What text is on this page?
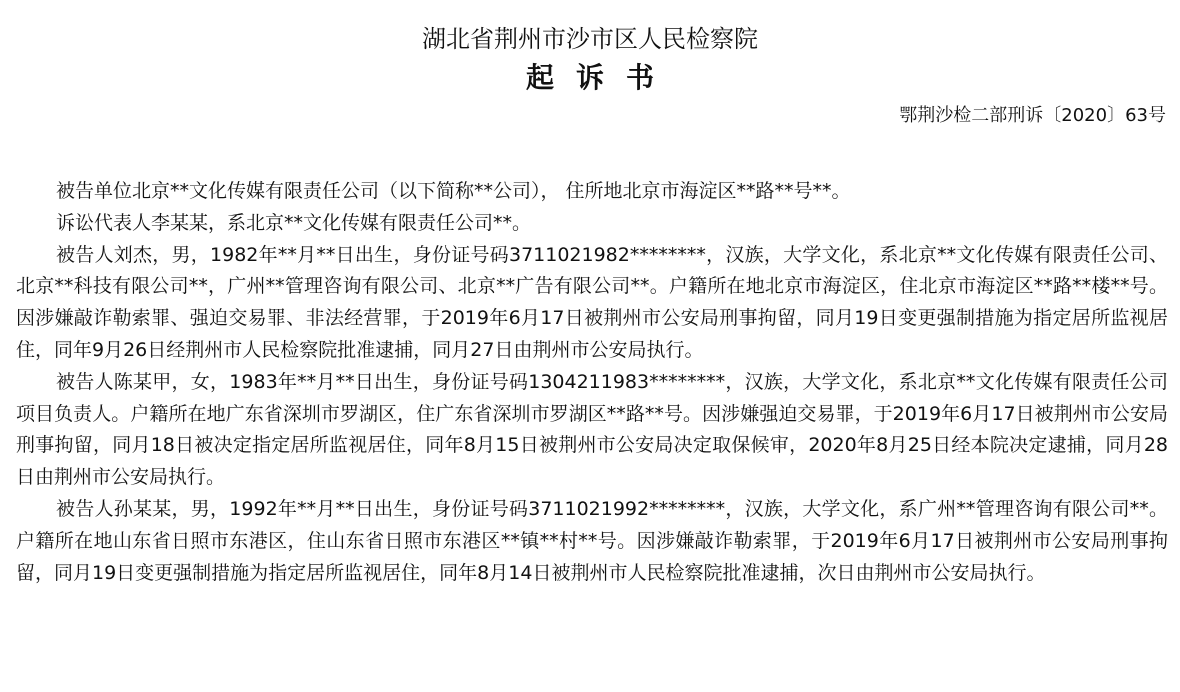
湖北省荆州市沙市区人民检察院
起诉书
鄂荆沙检二部刑诉〔2020〕63号

被告单位北京**文化传媒有限责任公司（以下简称**公司）， 住所地北京市海淀区**路**号**。

诉讼代表人李某某，系北京**文化传媒有限责任公司**。

被告人刘杰，男，1982年**月**日出生，身份证号码3711021982********，汉族，大学文化，系北京**文化传媒有限责任公司、北京**科技有限公司**，广州**管理咨询有限公司、北京**广告有限公司**。户籍所在地北京市海淀区，住北京市海淀区**路**楼**号。因涉嫌敲诈勒索罪、强迫交易罪、非法经营罪，于2019年6月17日被荆州市公安局刑事拘留，同月19日变更强制措施为指定居所监视居住，同年9月26日经荆州市人民检察院批准逮捕，同月27日由荆州市公安局执行。

被告人陈某甲，女，1983年**月**日出生，身份证号码1304211983********，汉族，大学文化，系北京**文化传媒有限责任公司项目负责人。户籍所在地广东省深圳市罗湖区，住广东省深圳市罗湖区**路**号。因涉嫌强迫交易罪，于2019年6月17日被荆州市公安局刑事拘留，同月18日被决定指定居所监视居住，同年8月15日被荆州市公安局决定取保候审，2020年8月25日经本院决定逮捕，同月28日由荆州市公安局执行。

被告人孙某某，男，1992年**月**日出生，身份证号码3711021992********，汉族，大学文化，系广州**管理咨询有限公司**。户籍所在地山东省日照市东港区，住山东省日照市东港区**镇**村**号。因涉嫌敲诈勒索罪，于2019年6月17日被荆州市公安局刑事拘留，同月19日变更强制措施为指定居所监视居住，同年8月14日被荆州市人民检察院批准逮捕，次日由荆州市公安局执行。
